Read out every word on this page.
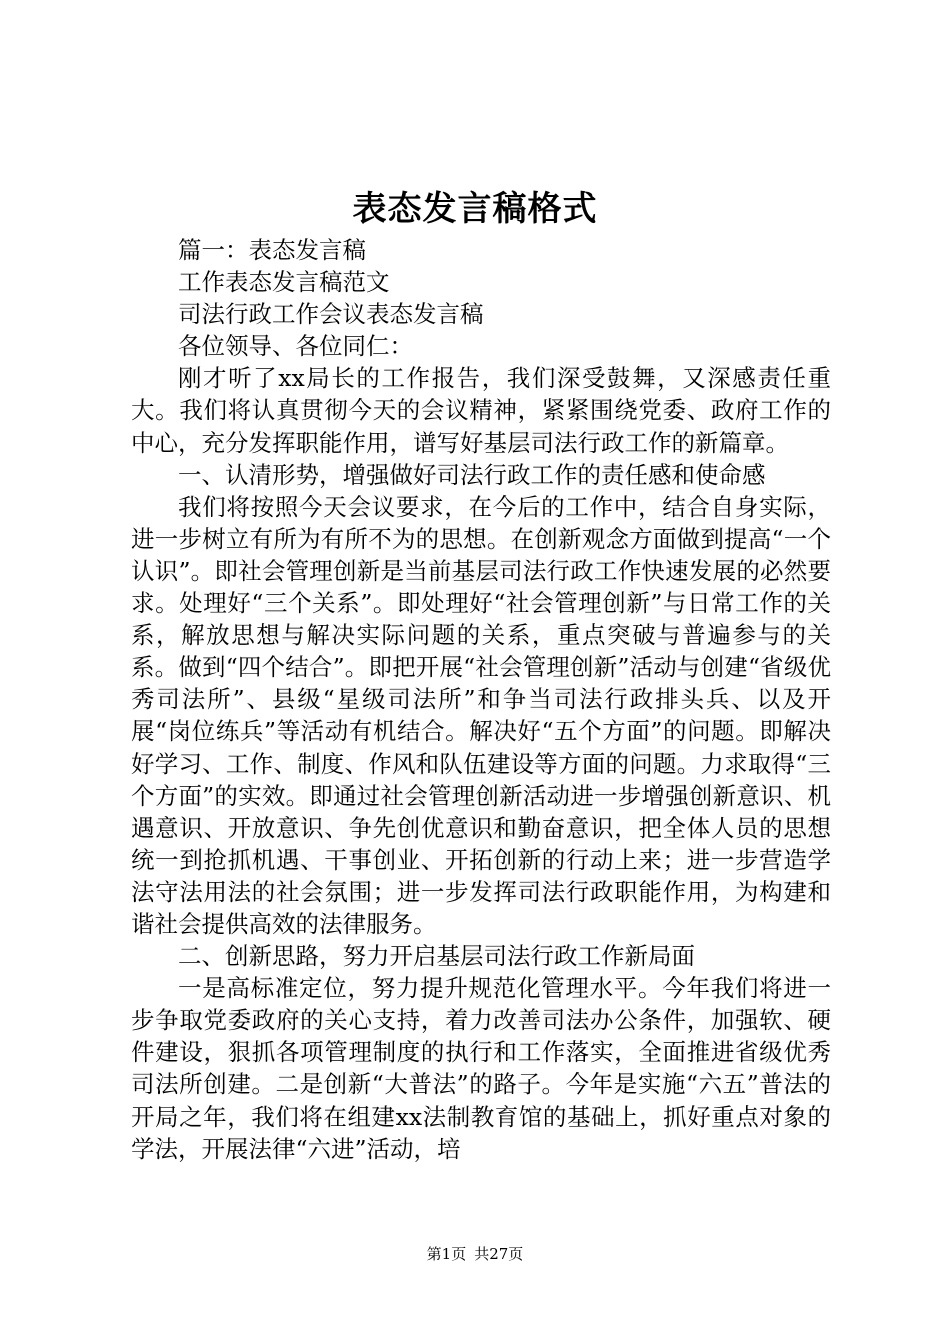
表态发言稿格式

篇一：表态发言稿

工作表态发言稿范文

司法行政工作会议表态发言稿

各位领导、各位同仁：

刚才听了xx局长的工作报告，我们深受鼓舞，又深感责任重大。我们将认真贯彻今天的会议精神，紧紧围绕党委、政府工作的中心，充分发挥职能作用，谱写好基层司法行政工作的新篇章。

一、认清形势，增强做好司法行政工作的责任感和使命感

我们将按照今天会议要求，在今后的工作中，结合自身实际，进一步树立有所为有所不为的思想。在创新观念方面做到提高“一个认识”。即社会管理创新是当前基层司法行政工作快速发展的必然要求。处理好“三个关系”。即处理好“社会管理创新”与日常工作的关系，解放思想与解决实际问题的关系，重点突破与普遍参与的关系。做到“四个结合”。即把开展“社会管理创新”活动与创建“省级优秀司法所”、县级“星级司法所”和争当司法行政排头兵、以及开展“岗位练兵”等活动有机结合。解决好“五个方面”的问题。即解决好学习、工作、制度、作风和队伍建设等方面的问题。力求取得“三个方面”的实效。即通过社会管理创新活动进一步增强创新意识、机遇意识、开放意识、争先创优意识和勤奋意识，把全体人员的思想统一到抢抓机遇、干事创业、开拓创新的行动上来；进一步营造学法守法用法的社会氛围；进一步发挥司法行政职能作用，为构建和谐社会提供高效的法律服务。

二、创新思路，努力开启基层司法行政工作新局面

一是高标准定位，努力提升规范化管理水平。今年我们将进一步争取党委政府的关心支持，着力改善司法办公条件，加强软、硬件建设，狠抓各项管理制度的执行和工作落实，全面推进省级优秀司法所创建。二是创新“大普法”的路子。今年是实施“六五”普法的开局之年，我们将在组建xx法制教育馆的基础上，抓好重点对象的学法，开展法律“六进”活动，培

第1页 共27页
